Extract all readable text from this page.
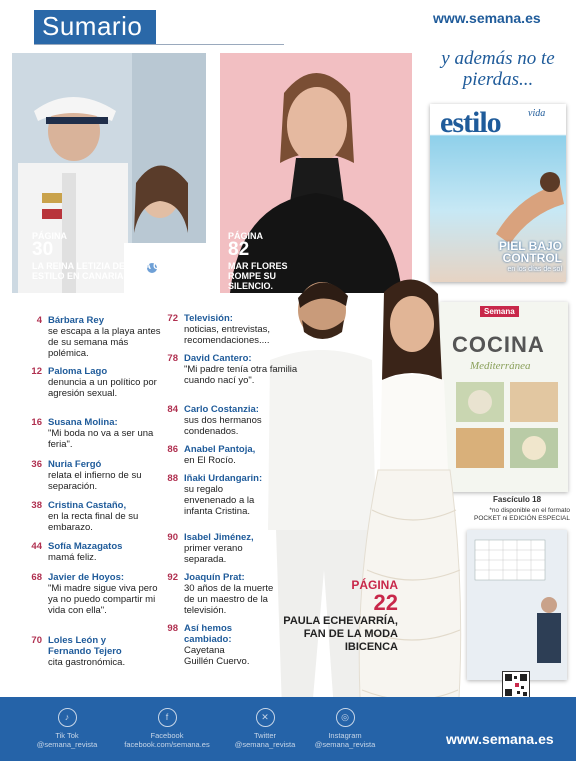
Sumario	www.semana.es
PÁGINA
30
LA REINA LETIZIA DESFILA CON ESTILO EN CANARIAS.
PÁGINA
82
MAR FLORES ROMPE SU SILENCIO.
y además no te pierdas...
estilo	vida
PIEL BAJO CONTROL
en los días de sol
Semana
COCINA
Mediterránea
Fascículo 18
*no disponible en el formato POCKET ni EDICIÓN ESPECIAL
4 Bárbara Rey
se escapa a la playa antes de su semana más polémica.
12 Paloma Lago
denuncia a un político por agresión sexual.
16 Susana Molina:
"Mi boda no va a ser una feria".
36 Nuria Fergó
relata el infierno de su separación.
38 Cristina Castaño,
en la recta final de su embarazo.
44 Sofía Mazagatos
mamá feliz.
68 Javier de Hoyos:
"Mi madre sigue viva pero ya no puedo compartir mi vida con ella".
70 Loles León y
Fernando Tejero
cita gastronómica.
72 Televisión:
noticias, entrevistas, recomendaciones....
78 David Cantero:
"Mi padre tenía otra familia cuando nací yo".
84 Carlo Costanzia:
sus dos hermanos condenados.
86 Anabel Pantoja,
en El Rocío.
88 Iñaki Urdangarin:
su regalo envenenado a la infanta Cristina.
90 Isabel Jiménez,
primer verano separada.
92 Joaquín Prat:
30 años de la muerte de un maestro de la televisión.
98 Así hemos
cambiado:
Cayetana Guillén Cuervo.
PÁGINA
22
PAULA ECHEVARRÍA, FAN DE LA MODA IBICENCA
♪
Tik Tok
@semana_revista
f
Facebook
facebook.com/semana.es
✕
Twitter
@semana_revista
◎
Instagram
@semana_revista	www.semana.es
